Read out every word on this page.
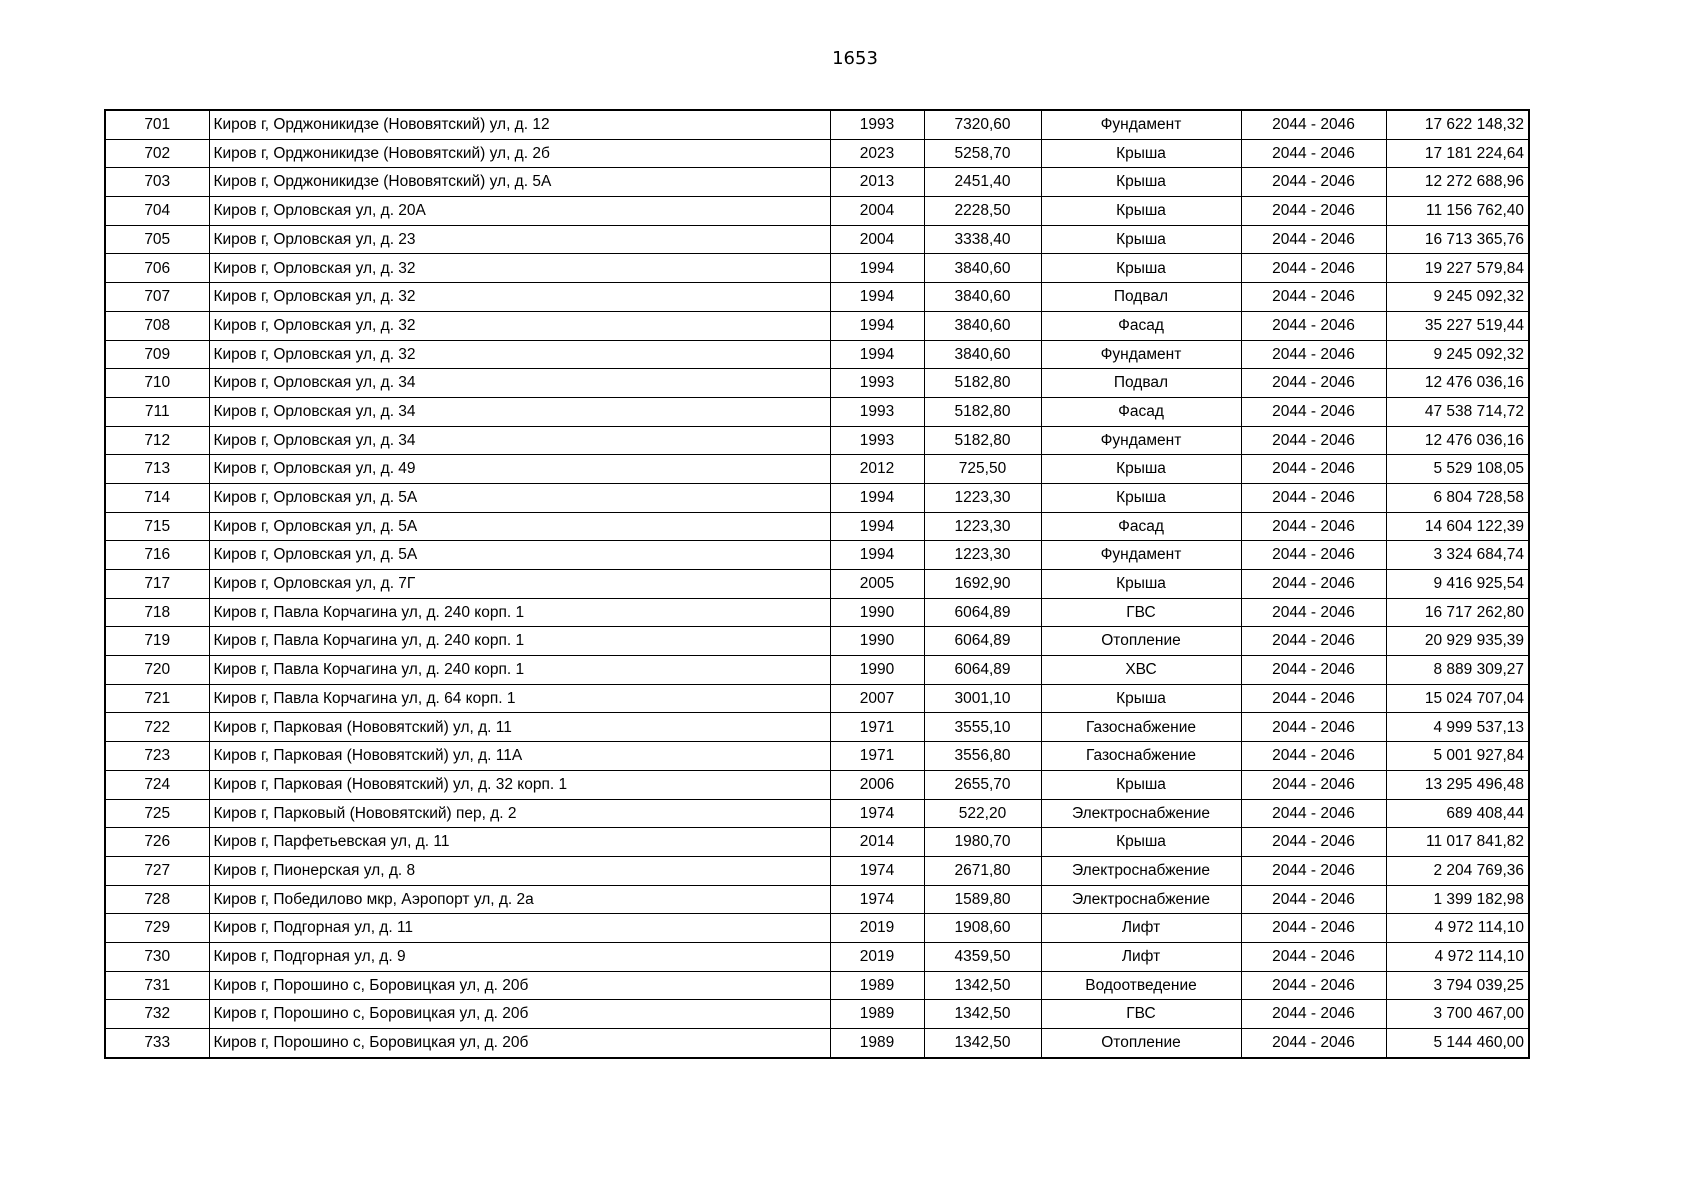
1653
701	Киров г, Орджоникидзе (Нововятский) ул, д. 12	1993	7320,60	Фундамент	2044 - 2046	17 622 148,32
702	Киров г, Орджоникидзе (Нововятский) ул, д. 2б	2023	5258,70	Крыша	2044 - 2046	17 181 224,64
703	Киров г, Орджоникидзе (Нововятский) ул, д. 5А	2013	2451,40	Крыша	2044 - 2046	12 272 688,96
704	Киров г, Орловская ул, д. 20А	2004	2228,50	Крыша	2044 - 2046	11 156 762,40
705	Киров г, Орловская ул, д. 23	2004	3338,40	Крыша	2044 - 2046	16 713 365,76
706	Киров г, Орловская ул, д. 32	1994	3840,60	Крыша	2044 - 2046	19 227 579,84
707	Киров г, Орловская ул, д. 32	1994	3840,60	Подвал	2044 - 2046	9 245 092,32
708	Киров г, Орловская ул, д. 32	1994	3840,60	Фасад	2044 - 2046	35 227 519,44
709	Киров г, Орловская ул, д. 32	1994	3840,60	Фундамент	2044 - 2046	9 245 092,32
710	Киров г, Орловская ул, д. 34	1993	5182,80	Подвал	2044 - 2046	12 476 036,16
711	Киров г, Орловская ул, д. 34	1993	5182,80	Фасад	2044 - 2046	47 538 714,72
712	Киров г, Орловская ул, д. 34	1993	5182,80	Фундамент	2044 - 2046	12 476 036,16
713	Киров г, Орловская ул, д. 49	2012	725,50	Крыша	2044 - 2046	5 529 108,05
714	Киров г, Орловская ул, д. 5А	1994	1223,30	Крыша	2044 - 2046	6 804 728,58
715	Киров г, Орловская ул, д. 5А	1994	1223,30	Фасад	2044 - 2046	14 604 122,39
716	Киров г, Орловская ул, д. 5А	1994	1223,30	Фундамент	2044 - 2046	3 324 684,74
717	Киров г, Орловская ул, д. 7Г	2005	1692,90	Крыша	2044 - 2046	9 416 925,54
718	Киров г, Павла Корчагина ул, д. 240 корп. 1	1990	6064,89	ГВС	2044 - 2046	16 717 262,80
719	Киров г, Павла Корчагина ул, д. 240 корп. 1	1990	6064,89	Отопление	2044 - 2046	20 929 935,39
720	Киров г, Павла Корчагина ул, д. 240 корп. 1	1990	6064,89	ХВС	2044 - 2046	8 889 309,27
721	Киров г, Павла Корчагина ул, д. 64 корп. 1	2007	3001,10	Крыша	2044 - 2046	15 024 707,04
722	Киров г, Парковая (Нововятский) ул, д. 11	1971	3555,10	Газоснабжение	2044 - 2046	4 999 537,13
723	Киров г, Парковая (Нововятский) ул, д. 11А	1971	3556,80	Газоснабжение	2044 - 2046	5 001 927,84
724	Киров г, Парковая (Нововятский) ул, д. 32 корп. 1	2006	2655,70	Крыша	2044 - 2046	13 295 496,48
725	Киров г, Парковый (Нововятский) пер, д. 2	1974	522,20	Электроснабжение	2044 - 2046	689 408,44
726	Киров г, Парфетьевская ул, д. 11	2014	1980,70	Крыша	2044 - 2046	11 017 841,82
727	Киров г, Пионерская ул, д. 8	1974	2671,80	Электроснабжение	2044 - 2046	2 204 769,36
728	Киров г, Победилово мкр, Аэропорт ул, д. 2а	1974	1589,80	Электроснабжение	2044 - 2046	1 399 182,98
729	Киров г, Подгорная ул, д. 11	2019	1908,60	Лифт	2044 - 2046	4 972 114,10
730	Киров г, Подгорная ул, д. 9	2019	4359,50	Лифт	2044 - 2046	4 972 114,10
731	Киров г, Порошино с, Боровицкая ул, д. 20б	1989	1342,50	Водоотведение	2044 - 2046	3 794 039,25
732	Киров г, Порошино с, Боровицкая ул, д. 20б	1989	1342,50	ГВС	2044 - 2046	3 700 467,00
733	Киров г, Порошино с, Боровицкая ул, д. 20б	1989	1342,50	Отопление	2044 - 2046	5 144 460,00
